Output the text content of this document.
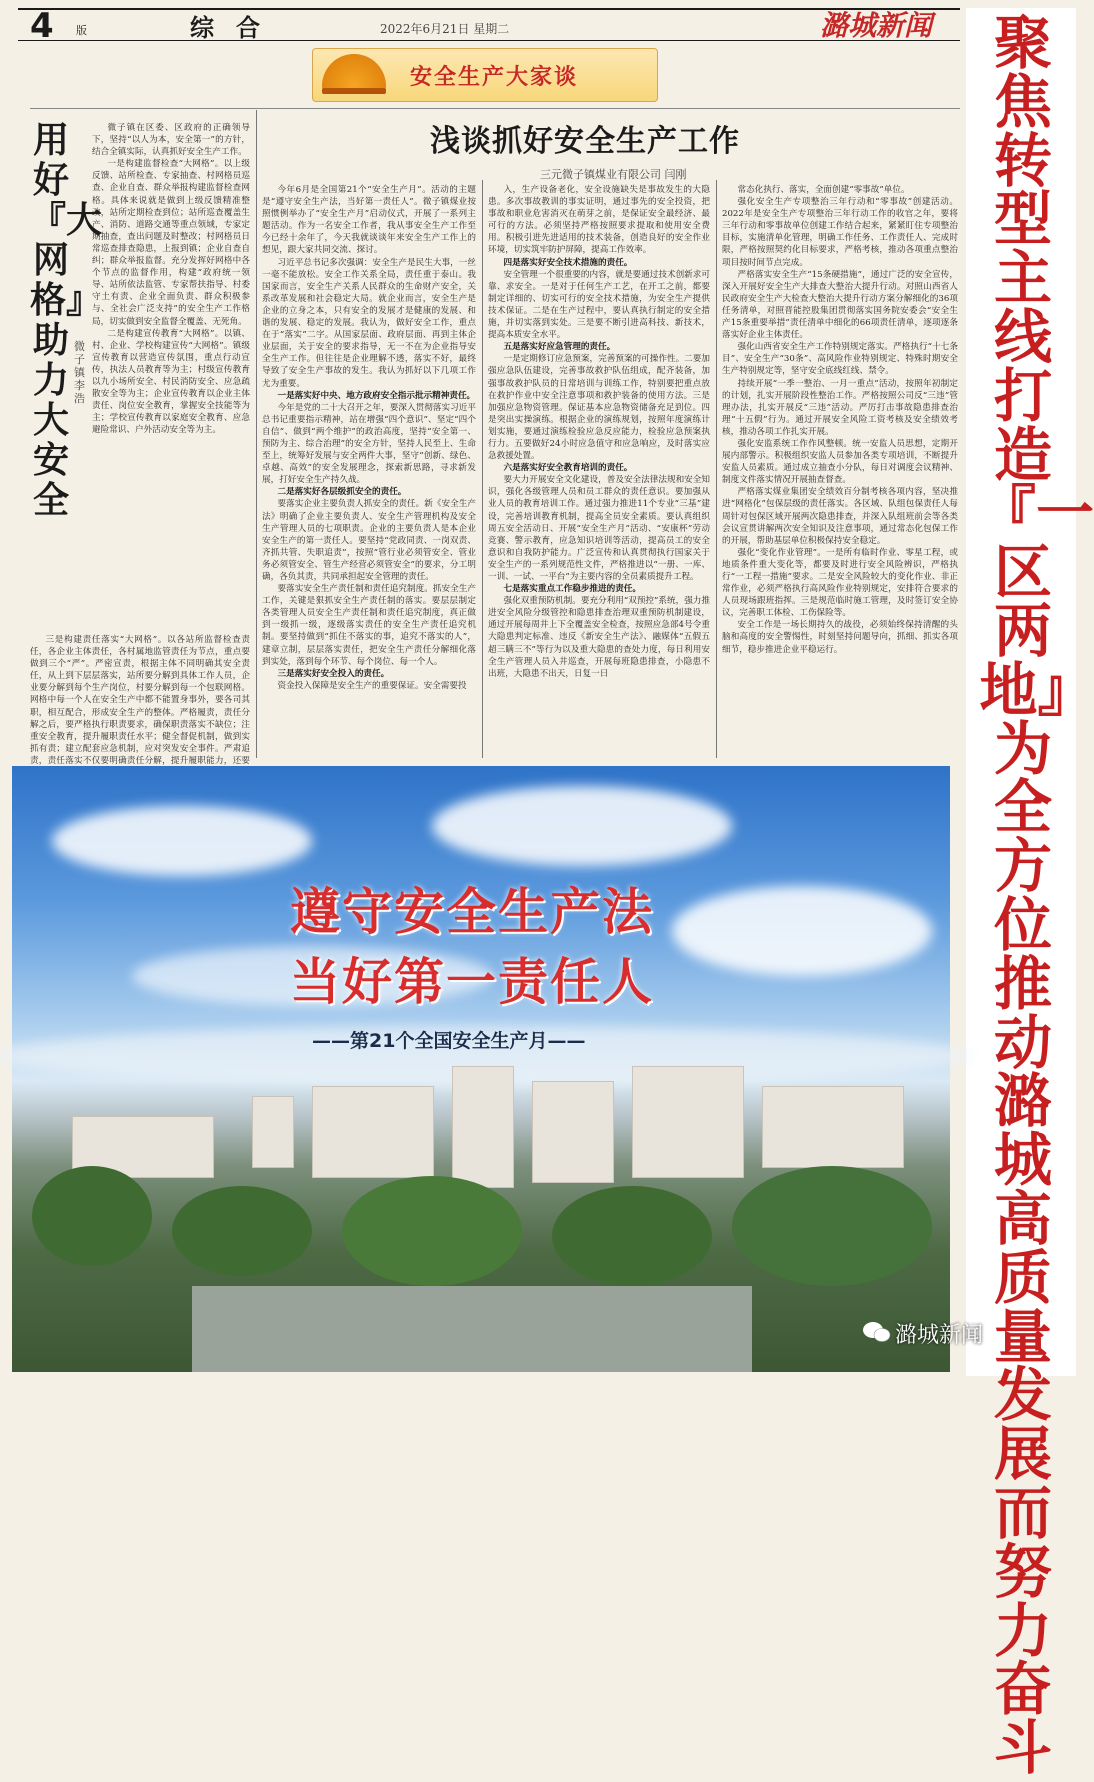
4 版	综合	2022年6月21日 星期二	潞城新闻 聚焦转型主线 打造『一区两地』为全方位推动潞城高质量发展而努力奋斗
安全生产大家谈
浅谈抓好安全生产工作
三元微子镇煤业有限公司 闫刚
用好『大网格』助力大安全
微子镇 李浩

微子镇在区委、区政府的正确领导下，坚持“以人为本，安全第一”的方针，结合全镇实际，认真抓好安全生产工作。

一是构建监督检查“大网格”。以上级反馈、站所检查、专家抽查、村网格员巡查、企业自查、群众举报构建监督检查网格。具体来说就是做到上级反馈精准整改，站所定期检查到位；站所巡查覆盖生产、消防、道路交通等重点领域，专家定期抽查，查出问题及时整改；村网格员日常巡查排查隐患，上报到镇；企业自查自纠；群众举报监督。充分发挥好网格中各个节点的监督作用，构建“政府统一领导、站所依法监管、专家帮扶指导、村委守土有责、企业全面负责、群众积极参与、全社会广泛支持”的安全生产工作格局，切实做到安全监督全覆盖、无死角。

二是构建宣传教育“大网格”。以镇、村、企业、学校构建宣传“大网格”。镇级宣传教育以营造宣传氛围，重点行动宣传，执法人员教育等为主；村级宣传教育以九小场所安全、村民消防安全、应急疏散安全等为主；企业宣传教育以企业主体责任、岗位安全教育，掌握安全技能等为主；学校宣传教育以家庭安全教育、应急避险常识、户外活动安全等为主。

三是构建责任落实“大网格”。以各站所监督检查责任，各企业主体责任，各村属地监管责任为节点，重点要做到三个“严”。严密宣责，根据主体不同明确其安全责任，从上到下层层落实，站所要分解到具体工作人员，企业要分解到每个生产岗位，村要分解到每一个包联网格。网格中每一个人在安全生产中都不能置身事外，要各司其职，相互配合，形成安全生产的整体。严格履责，责任分解之后，要严格执行职责要求，确保职责落实不缺位；注重安全教育，提升履职责任水平；健全督促机制，做到实抓有责；建立配套应急机制，应对突发安全事件。严肃追责，责任落实不仅要明确责任分解，提升履职能力，还要

今年6月是全国第21个“安全生产月”。活动的主题是“遵守安全生产法，当好第一责任人”。微子镇煤业按照惯例举办了“安全生产月”启动仪式，开展了一系列主题活动。作为一名安全工作者，我从事安全生产工作至今已经十余年了，今天我就谈谈年来安全生产工作上的想见，跟大家共同交流、探讨。

习近平总书记多次强调：安全生产是民生大事，一丝一毫不能放松。安全工作关系全局，责任重于泰山。我国家而言，安全生产关系人民群众的生命财产安全，关系改革发展和社会稳定大局。就企业而言，安全生产是企业的立身之本，只有安全的发展才是健康的发展、和谐的发展、稳定的发展。我认为，做好安全工作，重点在于“落实”二字。从国家层面、政府层面、再到主体企业层面，关于安全的要求指导，无一不在为企业指导安全生产工作。但往往是企业理解不透，落实不好，最终导致了安全生产事故的发生。我认为抓好以下几项工作尤为重要。

一是落实好中央、地方政府安全指示批示精神责任。

今年是党的二十大召开之年，要深入贯彻落实习近平总书记重要指示精神，站在增强“四个意识”、坚定“四个自信”、做到“两个维护”的政治高度，坚持“安全第一、预防为主、综合治理”的安全方针，坚持人民至上、生命至上，统筹好发展与安全两件大事，坚守“创新、绿色、卓越、高效”的安全发展理念，探索新思路，寻求新发展，打好安全生产持久战。

二是落实好各层级抓安全的责任。

要落实企业主要负责人抓安全的责任。新《安全生产法》明确了企业主要负责人、安全生产管理机构及安全生产管理人员的七项职责。企业的主要负责人是本企业安全生产的第一责任人。要坚持“党政同责、一岗双责、齐抓共管、失职追责”，按照“管行业必须管安全、管业务必须管安全、管生产经营必须管安全”的要求，分工明确，各负其责，共同承担起安全管理的责任。

要落实安全生产责任制和责任追究制度。抓安全生产工作，关键是狠抓安全生产责任制的落实。要层层制定各类管理人员安全生产责任制和责任追究制度，真正做到一级抓一级，逐级落实责任的安全生产责任追究机制。要坚持做到“抓住不落实的事，追究不落实的人”，建章立制，层层落实责任，把安全生产责任分解细化落到实处，落到每个环节、每个岗位、每一个人。

三是落实好安全投入的责任。

资金投入保障是安全生产的重要保证。安全需要投

入，生产设备老化，安全设施缺失是事故发生的大隐患。多次事故教训的事实证明，通过事先的安全投资，把事故和职业危害消灭在萌芽之前，是保证安全最经济、最可行的方法。必须坚持严格按照要求提取和使用安全费用。积极引进先进适用的技术装备，创造良好的安全作业环境，切实筑牢防护屏障，提高工作效率。

四是落实好安全技术措施的责任。

安全管理一个很重要的内容，就是要通过技术创新求可靠、求安全。一是对于任何生产工艺，在开工之前，都要制定详细的、切实可行的安全技术措施，为安全生产提供技术保证。二是在生产过程中，要认真执行制定的安全措施，并切实落到实处。三是要不断引进高科技、新技术，提高本质安全水平。

五是落实好应急管理的责任。

一是定期修订应急预案，完善预案的可操作性。二要加强应急队伍建设，完善事故救护队伍组成，配齐装备，加强事故救护队员的日常培训与训练工作，特别要把重点放在救护作业中安全注意事项和救护装备的使用方法。三是加强应急物资管理。保证基本应急物资储备充足到位。四是突出实操演练。根据企业的演练规划，按照年度演练计划实施，要通过演练检验应急反应能力，检验应急预案执行力。五要做好24小时应急值守和应急响应，及时落实应急救援处置。

六是落实好安全教育培训的责任。

要大力开展安全文化建设，普及安全法律法规和安全知识，强化各级管理人员和员工群众的责任意识。要加强从业人员的教育培训工作。通过强力推进11个专业“三基”建设，完善培训教育机制，提高全员安全素质。要认真组织周五安全活动日、开展“安全生产月”活动、“安康杯”劳动竞赛、警示教育，应急知识培训等活动，提高员工的安全意识和自我防护能力。广泛宣传和认真贯彻执行国家关于安全生产的一系列规范性文件，严格推进以“一册、一库、一训、一试、一平台”为主要内容的全员素质提升工程。

七是落实重点工作稳步推进的责任。

强化双重预防机制。要充分利用“双预控”系统，强力推进安全风险分级管控和隐患排查治理双重预防机制建设，通过开展每周井上下全覆盖安全检查，按照应急部4号令重大隐患判定标准、违反《新安全生产法》、融媒体“五假五超三瞒三不”等行为以及重大隐患的查处力度，每日利用安全生产管理人员入井巡查，开展每班隐患排查，小隐患不出班，大隐患不出天，日复一日

常态化执行、落实，全面创建“零事故”单位。

强化安全生产专项整治三年行动和“零事故”创建活动。2022年是安全生产专项整治三年行动工作的收官之年，要将三年行动和零事故单位创建工作结合起来，紧紧盯住专项整治目标，实施清单化管理，明确工作任务、工作责任人、完成时限，严格按照契约化目标要求，严格考核，推动各项重点整治项目按时间节点完成。

严格落实安全生产“15条硬措施”，通过广泛的安全宣传，深入开展好安全生产大排查大整治大提升行动。对照山西省人民政府安全生产大检查大整治大提升行动方案分解细化的36项任务清单，对照晋能控股集团贯彻落实国务院安委会“安全生产15条重要举措”责任清单中细化的66项责任清单，逐项逐条落实好企业主体责任。

强化山西省安全生产工作特别规定落实。严格执行“十七条目”、安全生产“30条”、高风险作业特别规定、特殊时期安全生产特别规定等，坚守安全底线红线、禁令。

持续开展“一季一整治、一月一重点”活动，按照年初制定的计划，扎实开展阶段性整治工作。严格按照公司反“三违”管理办法，扎实开展反“三违”活动。严厉打击事故隐患排查治理“十五假”行为。通过开展安全风险工资考核及安全绩效考核，推动各项工作扎实开展。

强化安监系统工作作风整顿。统一安监人员思想，定期开展内部警示。积极组织安监人员参加各类专项培训，不断提升安监人员素质。通过成立抽查小分队，每日对调度会议精神、制度文件落实情况开展抽查督查。

严格落实煤业集团安全绩效百分制考核各项内容，坚决推进“网格化”包保层级的责任落实。各区域、队组包保责任人每周针对包保区域开展两次隐患排查，并深入队组班前会等各类会议宣贯讲解两次安全知识及注意事项，通过常态化包保工作的开展，帮助基层单位积极保持安全稳定。

强化“变化作业管理”。一是所有临时作业、零星工程，或地质条件重大变化等，都要及时进行安全风险辨识，严格执行“一工程一措施”要求。二是安全风险较大的变化作业、非正常作业，必须严格执行高风险作业特别规定，安排符合要求的人员现场跟班指挥。三是规范临时施工管理，及时签订安全协议，完善职工体检、工伤保险等。

安全工作是一场长期持久的战役，必须始终保持清醒的头脑和高度的安全警惕性，时刻坚持问题导向，抓细、抓实各项细节，稳步推进企业平稳运行。

遵守安全生产法
当好第一责任人
——第21个全国安全生产月——
潞城新闻
